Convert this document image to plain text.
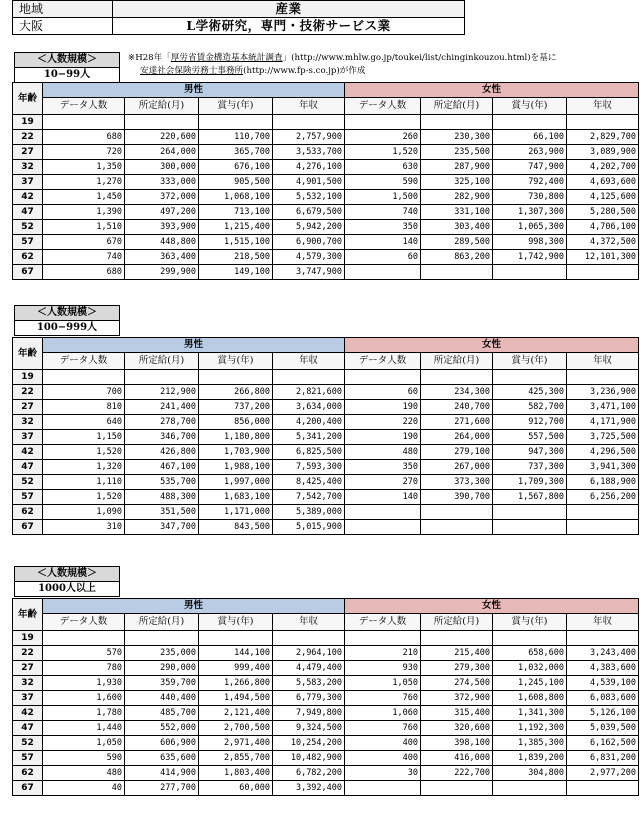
地域	産業
大阪	L学術研究，専門・技術サービス業
※H28年「厚労省賃金構造基本統計調査」(http://www.mhlw.go.jp/toukei/list/chinginkouzou.html)を基に
安達社会保険労務士事務所(http://www.fp-s.co.jp)が作成
＜人数規模＞
10−99人
年齢	男性				女性			
	データ人数	所定給(月)	賞与(年)	年収	データ人数	所定給(月)	賞与(年)	年収
19								
22	680	220,600	110,700	2,757,900	260	230,300	66,100	2,829,700
27	720	264,000	365,700	3,533,700	1,520	235,500	263,900	3,089,900
32	1,350	300,000	676,100	4,276,100	630	287,900	747,900	4,202,700
37	1,270	333,000	905,500	4,901,500	590	325,100	792,400	4,693,600
42	1,450	372,000	1,068,100	5,532,100	1,500	282,900	730,800	4,125,600
47	1,390	497,200	713,100	6,679,500	740	331,100	1,307,300	5,280,500
52	1,510	393,900	1,215,400	5,942,200	350	303,400	1,065,300	4,706,100
57	670	448,800	1,515,100	6,900,700	140	289,500	998,300	4,372,500
62	740	363,400	218,500	4,579,300	60	863,200	1,742,900	12,101,300
67	680	299,900	149,100	3,747,900				
＜人数規模＞
100−999人
年齢	男性				女性			
	データ人数	所定給(月)	賞与(年)	年収	データ人数	所定給(月)	賞与(年)	年収
19								
22	700	212,900	266,800	2,821,600	60	234,300	425,300	3,236,900
27	810	241,400	737,200	3,634,000	190	240,700	582,700	3,471,100
32	640	278,700	856,000	4,200,400	220	271,600	912,700	4,171,900
37	1,150	346,700	1,180,800	5,341,200	190	264,000	557,500	3,725,500
42	1,520	426,800	1,703,900	6,825,500	480	279,100	947,300	4,296,500
47	1,320	467,100	1,988,100	7,593,300	350	267,000	737,300	3,941,300
52	1,110	535,700	1,997,000	8,425,400	270	373,300	1,709,300	6,188,900
57	1,520	488,300	1,683,100	7,542,700	140	390,700	1,567,800	6,256,200
62	1,090	351,500	1,171,000	5,389,000				
67	310	347,700	843,500	5,015,900				
＜人数規模＞
1000人以上
年齢	男性				女性			
	データ人数	所定給(月)	賞与(年)	年収	データ人数	所定給(月)	賞与(年)	年収
19								
22	570	235,000	144,100	2,964,100	210	215,400	658,600	3,243,400
27	780	290,000	999,400	4,479,400	930	279,300	1,032,000	4,383,600
32	1,930	359,700	1,266,800	5,583,200	1,050	274,500	1,245,100	4,539,100
37	1,600	440,400	1,494,500	6,779,300	760	372,900	1,608,800	6,083,600
42	1,780	485,700	2,121,400	7,949,800	1,060	315,400	1,341,300	5,126,100
47	1,440	552,000	2,700,500	9,324,500	760	320,600	1,192,300	5,039,500
52	1,050	606,900	2,971,400	10,254,200	400	398,100	1,385,300	6,162,500
57	590	635,600	2,855,700	10,482,900	400	416,000	1,839,200	6,831,200
62	480	414,900	1,803,400	6,782,200	30	222,700	304,800	2,977,200
67	40	277,700	60,000	3,392,400				
